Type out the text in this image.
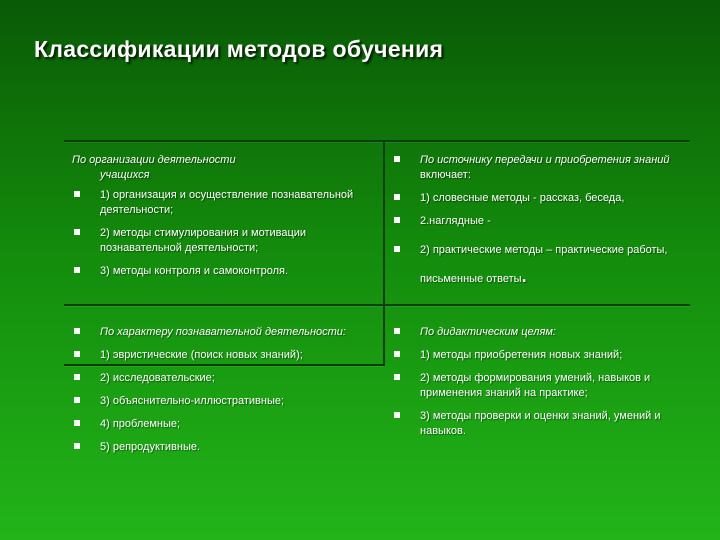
Классификации методов обучения
По организации деятельности
учащихся
1) организация и осуществление познавательной деятельности;
2) методы стимулирования и мотивации познавательной деятельности;
3) методы контроля и самоконтроля.
По источнику передачи и приобретения знаний включает:
1) словесные методы - рассказ, беседа,
2.наглядные -
2) практические методы – практические работы, письменные ответы.
По характеру познавательной деятельности:
1) эвристические (поиск новых знаний);
2) исследовательские;
3) объяснительно-иллюстративные;
4) проблемные;
5) репродуктивные.
По дидактическим целям:
1) методы приобретения новых знаний;
2) методы формирования умений, навыков и применения знаний на практике;
3) методы проверки и оценки знаний, умений и навыков.
